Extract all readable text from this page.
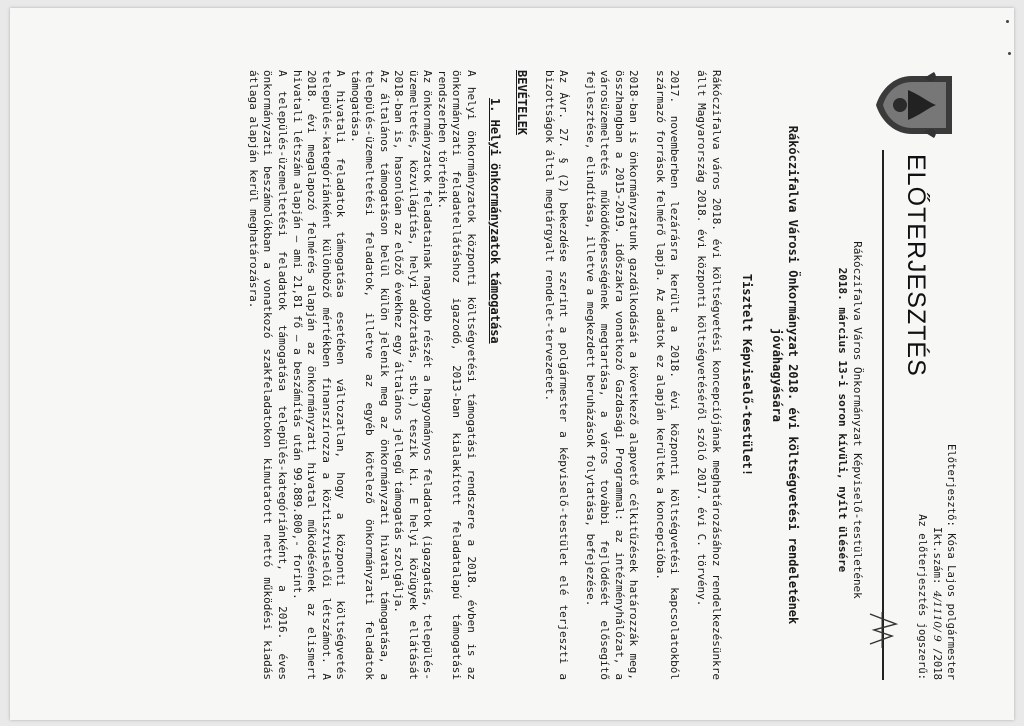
ELŐTERJESZTÉS
Előterjesztő: Kósa Lajos polgármester
Ikt.szám: 4/1110/ 9 /2018
Az előterjesztés jogszerű:
Rákóczifalva Város Önkormányzat Képviselő-testületének
2018. március 13-i soron kívüli, nyílt ülésére
Rákóczifalva Városi Önkormányzat 2018. évi költségvetési rendeletének
jóváhagyására
Tisztelt Képviselő-testület!

Rákóczifalva város 2018. évi költségvetési koncepciójának meghatározásához rendelkezésünkre állt Magyarország 2018. évi központi költségvetéséről szóló 2017. évi C. törvény.

2017. novemberben lezárásra került a 2018. évi központi költségvetési kapcsolatokból származó források felmérő lapja. Az adatok ez alapján kerültek a koncepcióba.

2018-ban is önkormányzatunk gazdálkodását a következő alapvető célkitűzések határozzák meg, összhangban a 2015-2019. időszakra vonatkozó Gazdasági Programmal: az intézményhálózat, a városüzemeltetés működőképességének megtartása, a város további fejlődését elősegítő fejlesztése, elindítása, illetve a megkezdett beruházások folytatása, befejezése.

Az Ávr. 27. § (2) bekezdése szerint a polgármester a képviselő-testület elé terjeszti a bizottságok által megtárgyalt rendelet-tervezetet.

BEVÉTELEK
1. Helyi önkormányzatok támogatása

A helyi önkormányzatok központi költségvetési támogatási rendszere a 2018. évben is az önkormányzati feladatellátáshoz igazodó, 2013-ban kialakított feladatalapú támogatási rendszerben történik.

Az önkormányzatok feladatainak nagyobb részét a hagyományos feladatok (igazgatás, település-üzemeltetés, közvilágítás, helyi adóztatás, stb.) teszik ki. E helyi közügyek ellátását 2018-ban is, hasonlóan az előző évekhez egy általános jellegű támogatás szolgálja.

Az általános támogatáson belül külön jelenik meg az önkormányzati hivatal támogatása, a település-üzemeltetési feladatok, illetve az egyéb kötelező önkormányzati feladatok támogatása.

A hivatali feladatok támogatása esetében változatlan, hogy a központi költségvetés település-kategóriánként különböző mértékben finanszírozza a köztisztviselői létszámot. A 2018. évi megalapozó felmérés alapján az önkormányzati hivatal működésének az elismert hivatali létszám alapján – ami 21,81 fő – a beszámítás után 99.889.800,- forint.

A település-üzemeltetési feladatok támogatása település-kategóriánként, a 2016. éves önkormányzati beszámolókban a vonatkozó szakfeladatokon kimutatott nettó működési kiadás átlaga alapján kerül meghatározásra.
